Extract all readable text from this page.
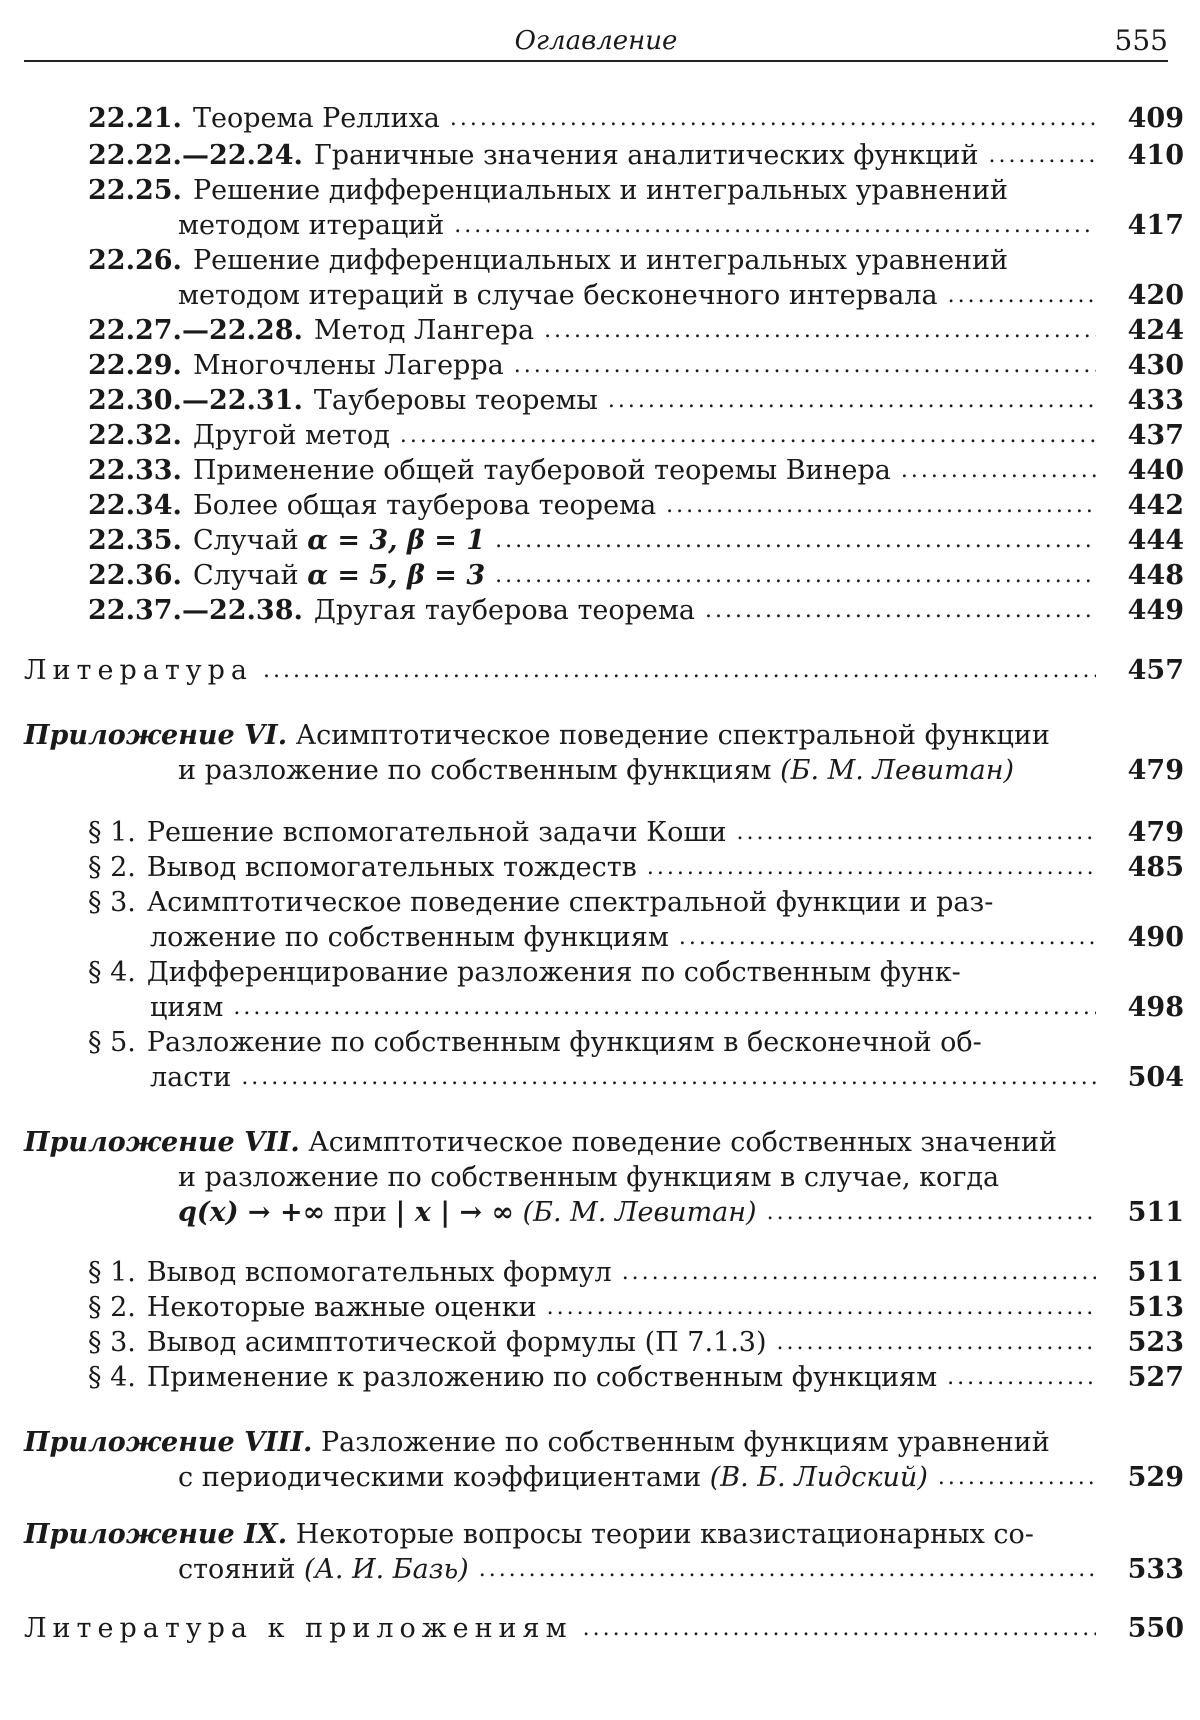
Оглавление	555
22.21. Теорема Реллиха .....	409
22.22.—22.24. Граничные значения аналитических функций .....	410
22.25. Решение дифференциальных и интегральных уравнений
методом итераций .....	417
22.26. Решение дифференциальных и интегральных уравнений
методом итераций в случае бесконечного интервала .....	420
22.27.—22.28. Метод Лангера .....	424
22.29. Многочлены Лагерра .....	430
22.30.—22.31. Тауберовы теоремы .....	433
22.32. Другой метод .....	437
22.33. Применение общей тауберовой теоремы Винера .....	440
22.34. Более общая тауберова теорема .....	442
22.35. Случай
α = 3, β = 1 .....	444
22.36. Случай
α = 5, β = 3 .....	448
22.37.—22.38. Другая тауберова теорема .....	449
Литература .....	457
Приложение VI.
Асимптотическое поведение спектральной функции
и разложение по собственным функциям
(Б. М. Левитан)	479
§ 1. Решение вспомогательной задачи Коши .....	479
§ 2. Вывод вспомогательных тождеств .....	485
§ 3. Асимптотическое поведение спектральной функции и раз-
ложение по собственным функциям .....	490
§ 4. Дифференцирование разложения по собственным функ-
циям .....	498
§ 5. Разложение по собственным функциям в бесконечной об-
ласти .....	504
Приложение VII.
Асимптотическое поведение собственных значений
и разложение по собственным функциям в случае, когда
q(x) → +∞
при
| x | → ∞
(Б. М. Левитан) .....	511
§ 1. Вывод вспомогательных формул .....	511
§ 2. Некоторые важные оценки .....	513
§ 3. Вывод асимптотической формулы (П 7.1.3) .....	523
§ 4. Применение к разложению по собственным функциям .....	527
Приложение VIII.
Разложение по собственным функциям уравнений
с периодическими коэффициентами
(В. Б. Лидский) .....	529
Приложение IX.
Некоторые вопросы теории квазистационарных со-
стояний
(А. И. Базь) .....	533
Литература к приложениям .....	550
